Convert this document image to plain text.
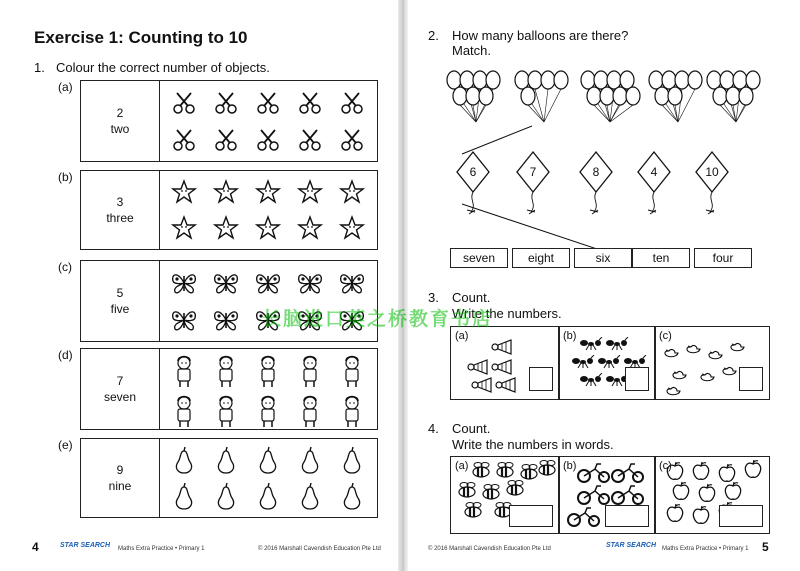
Exercise 1: Counting to 10
1. Colour the correct number of objects.
(a)
2
two
(b)
3
three
(c)
5
five
(d)
7
seven
(e)
9
nine
4	STAR SEARCH Maths Extra Practice • Primary 1	© 2016 Marshall Cavendish Education Pte Ltd
2. How many balloons are there?
Match.
6	7	8	4	10
seven	eight	six	ten	four
3. Count.
Write the numbers.
(a)	(b)	(c)
4. Count.
Write the numbers in words.
(a)	(b)	(c)
© 2016 Marshall Cavendish Education Pte Ltd	STAR SEARCH Maths Extra Practice • Primary 1 5
长脑进口英之桥教育书店
